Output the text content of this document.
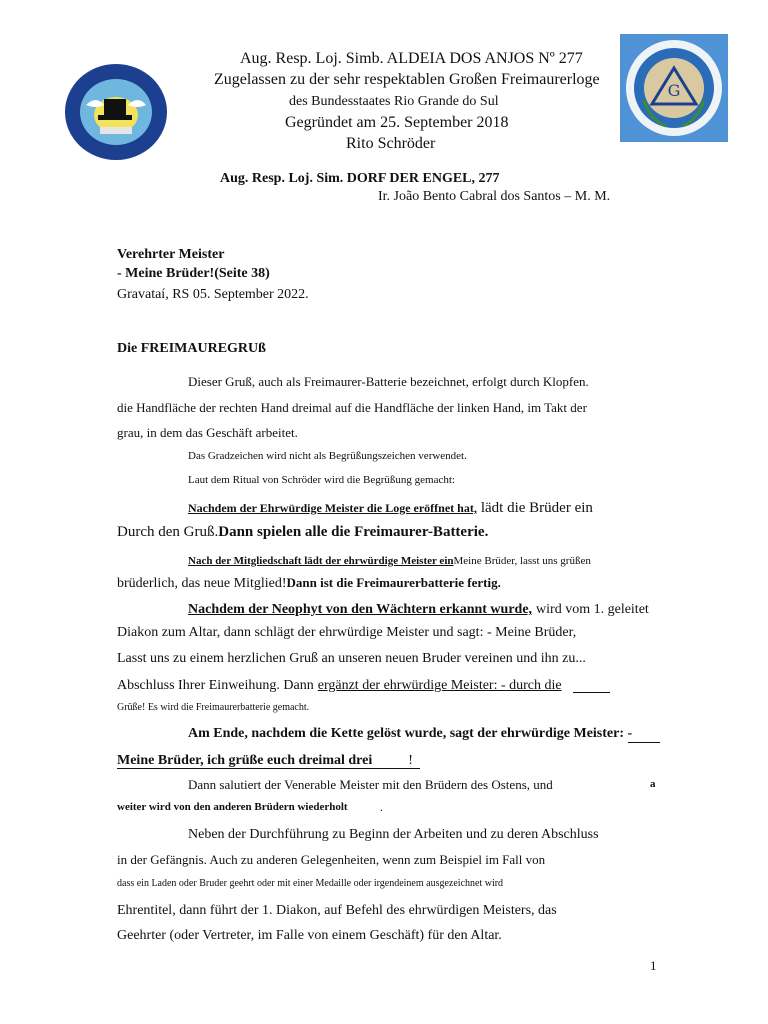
G
Aug. Resp. Loj. Simb. ALDEIA DOS ANJOS Nº 277
Zugelassen zu der sehr respektablen Großen Freimaurerloge
des Bundesstaates Rio Grande do Sul
Gegründet am 25. September 2018
Rito Schröder
Aug. Resp. Loj. Sim. DORF DER ENGEL, 277
Ir. João Bento Cabral dos Santos – M. M.
Verehrter Meister
- Meine Brüder!(Seite 38)
Gravataí, RS 05. September 2022.
Die FREIMAUREGRUß
Dieser Gruß, auch als Freimaurer-Batterie bezeichnet, erfolgt durch Klopfen.
die Handfläche der rechten Hand dreimal auf die Handfläche der linken Hand, im Takt der
grau, in dem das Geschäft arbeitet.
Das Gradzeichen wird nicht als Begrüßungszeichen verwendet.
Laut dem Ritual von Schröder wird die Begrüßung gemacht:
Nachdem der Ehrwürdige Meister die Loge eröffnet hat, lädt die Brüder ein
Durch den Gruß.Dann spielen alle die Freimaurer-Batterie.
Nach der Mitgliedschaft lädt der ehrwürdige Meister einMeine Brüder, lasst uns grüßen
brüderlich, das neue Mitglied!Dann ist die Freimaurerbatterie fertig.
Nachdem der Neophyt von den Wächtern erkannt wurde, wird vom 1. geleitet
Diakon zum Altar, dann schlägt der ehrwürdige Meister und sagt: - Meine Brüder,
Lasst uns zu einem herzlichen Gruß an unseren neuen Bruder vereinen und ihn zu...
Abschluss Ihrer Einweihung. Dann ergänzt der ehrwürdige Meister: - durch die
Grüße! Es wird die Freimaurerbatterie gemacht.
Am Ende, nachdem die Kette gelöst wurde, sagt der ehrwürdige Meister: -
Meine Brüder, ich grüße euch dreimal drei	!
Dann salutiert der Venerable Meister mit den Brüdern des Ostens, und	a
weiter wird von den anderen Brüdern wiederholt	.
Neben der Durchführung zu Beginn der Arbeiten und zu deren Abschluss
in der Gefängnis. Auch zu anderen Gelegenheiten, wenn zum Beispiel im Fall von
dass ein Laden oder Bruder geehrt oder mit einer Medaille oder irgendeinem ausgezeichnet wird
Ehrentitel, dann führt der 1. Diakon, auf Befehl des ehrwürdigen Meisters, das
Geehrter (oder Vertreter, im Falle von einem Geschäft) für den Altar.
1
